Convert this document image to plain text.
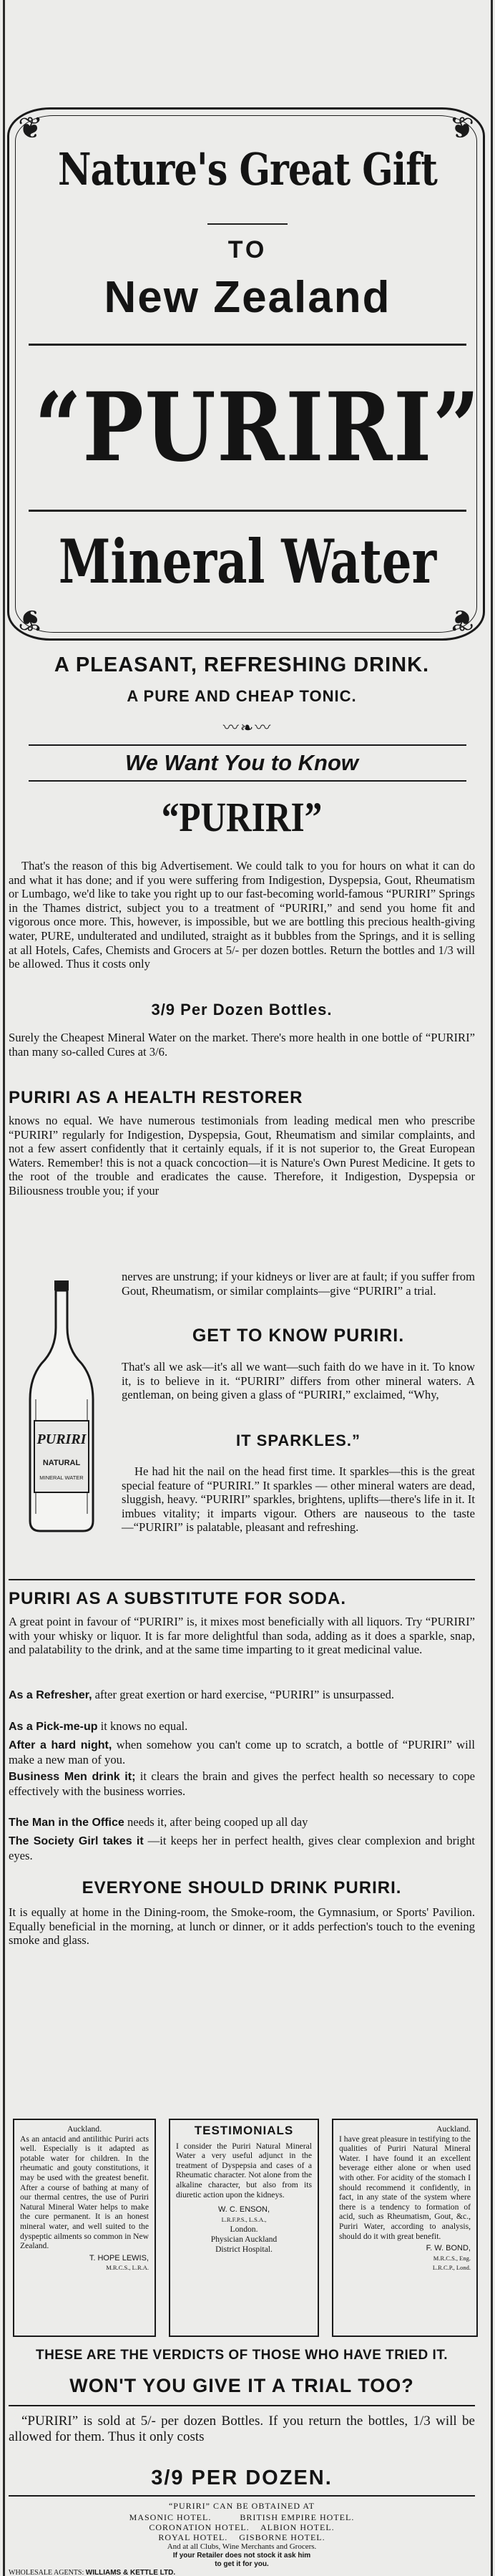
❦	❦
❦	❦
Nature's Great Gift
TO
New Zealand
“PURIRI”
Mineral Water
A PLEASANT, REFRESHING DRINK.
A PURE AND CHEAP TONIC.
〰❧〰
We Want You to Know
“PURIRI”
That's the reason of this big Advertisement. We could talk to you for hours on what it can do and what it has done; and if you were suffering from Indigestion, Dyspepsia, Gout, Rheumatism or Lumbago, we'd like to take you right up to our fast-becoming world-famous “PURIRI” Springs in the Thames district, subject you to a treatment of “PURIRI,” and send you home fit and vigorous once more. This, however, is impossible, but we are bottling this precious health-giving water, PURE, undulterated and undiluted, straight as it bubbles from the Springs, and it is selling at all Hotels, Cafes, Chemists and Grocers at 5/- per dozen bottles. Return the bottles and 1/3 will be allowed. Thus it costs only
3/9 Per Dozen Bottles.
Surely the Cheapest Mineral Water on the market. There's more health in one bottle of “PURIRI” than many so-called Cures at 3/6.
PURIRI AS A HEALTH RESTORER
knows no equal. We have numerous testimonials from leading medical men who prescribe “PURIRI” regularly for Indigestion, Dyspepsia, Gout, Rheumatism and similar complaints, and not a few assert confidently that it certainly equals, if it is not superior to, the Great European Waters. Remember! this is not a quack concoction—it is Nature's Own Purest Medicine. It gets to the root of the trouble and eradicates the cause. Therefore, it Indigestion, Dyspepsia or Biliousness trouble you; if your
nerves are unstrung; if your kidneys or liver are at fault; if you suffer from Gout, Rheumatism, or similar complaints—give “PURIRI” a trial.
PURIRI
NATURAL
MINERAL WATER
GET TO KNOW PURIRI.
That's all we ask—it's all we want—such faith do we have in it. To know it, is to believe in it. “PURIRI” differs from other mineral waters. A gentleman, on being given a glass of “PURIRI,” exclaimed, “Why,
IT SPARKLES.”
He had hit the nail on the head first time. It sparkles—this is the great special feature of “PURIRI.” It sparkles — other mineral waters are dead, sluggish, heavy. “PURIRI” sparkles, brightens, uplifts—there's life in it. It imbues vitality; it imparts vigour. Others are nauseous to the taste—“PURIRI” is palatable, pleasant and refreshing.
PURIRI AS A SUBSTITUTE FOR SODA.
A great point in favour of “PURIRI” is, it mixes most beneficially with all liquors. Try “PURIRI” with your whisky or liquor. It is far more delightful than soda, adding as it does a sparkle, snap, and palatability to the drink, and at the same time imparting to it great medicinal value.
As a Refresher, after great exertion or hard exercise, “PURIRI” is unsurpassed.
As a Pick-me-up it knows no equal.
After a hard night, when somehow you can't come up to scratch, a bottle of “PURIRI” will make a new man of you.
Business Men drink it; it clears the brain and gives the perfect health so necessary to cope effectively with the business worries.
The Man in the Office needs it, after being cooped up all day
The Society Girl takes it —it keeps her in perfect health, gives clear complexion and bright eyes.
EVERYONE SHOULD DRINK PURIRI.
It is equally at home in the Dining-room, the Smoke-room, the Gymnasium, or Sports' Pavilion. Equally beneficial in the morning, at lunch or dinner, or it adds perfection's touch to the evening smoke and glass.
Auckland.
As an antacid and antilithic Puriri acts well. Especially is it adapted as potable water for children. In the rheumatic and gouty constitutions, it may be used with the greatest benefit. After a course of bathing at many of our thermal centres, the use of Puriri Natural Mineral Water helps to make the cure permanent. It is an honest mineral water, and well suited to the dyspeptic ailments so common in New Zealand.
T. HOPE LEWIS,
M.R.C.S., L.R.A.
TESTIMONIALS
I consider the Puriri Natural Mineral Water a very useful adjunct in the treatment of Dyspepsia and cases of a Rheumatic character. Not alone from the alkaline character, but also from its diuretic action upon the kidneys.
W. C. ENSON,
L.R.F.P.S., L.S.A.,
London.
Physician Auckland
District Hospital.
Auckland.
I have great pleasure in testifying to the qualities of Puriri Natural Mineral Water. I have found it an excellent beverage either alone or when used with other. For acidity of the stomach I should recommend it confidently, in fact, in any state of the system where there is a tendency to formation of acid, such as Rheumatism, Gout, &c., Puriri Water, according to analysis, should do it with great benefit.
F. W. BOND,
M.R.C.S., Eng.
L.R.C.P., Lond.
THESE ARE THE VERDICTS OF THOSE WHO HAVE TRIED IT.
WON'T YOU GIVE IT A TRIAL TOO?
“PURIRI” is sold at 5/- per dozen Bottles. If you return the bottles, 1/3 will be allowed for them. Thus it only costs
3/9 PER DOZEN.
“PURIRI” CAN BE OBTAINED AT
MASONIC HOTEL.          BRITISH EMPIRE HOTEL.
CORONATION HOTEL.    ALBION HOTEL.
ROYAL HOTEL.    GISBORNE HOTEL.
And at all Clubs, Wine Merchants and Grocers.
If your Retailer does not stock it ask him
to get it for you.
WHOLESALE AGENTS: WILLIAMS & KETTLE LTD.
